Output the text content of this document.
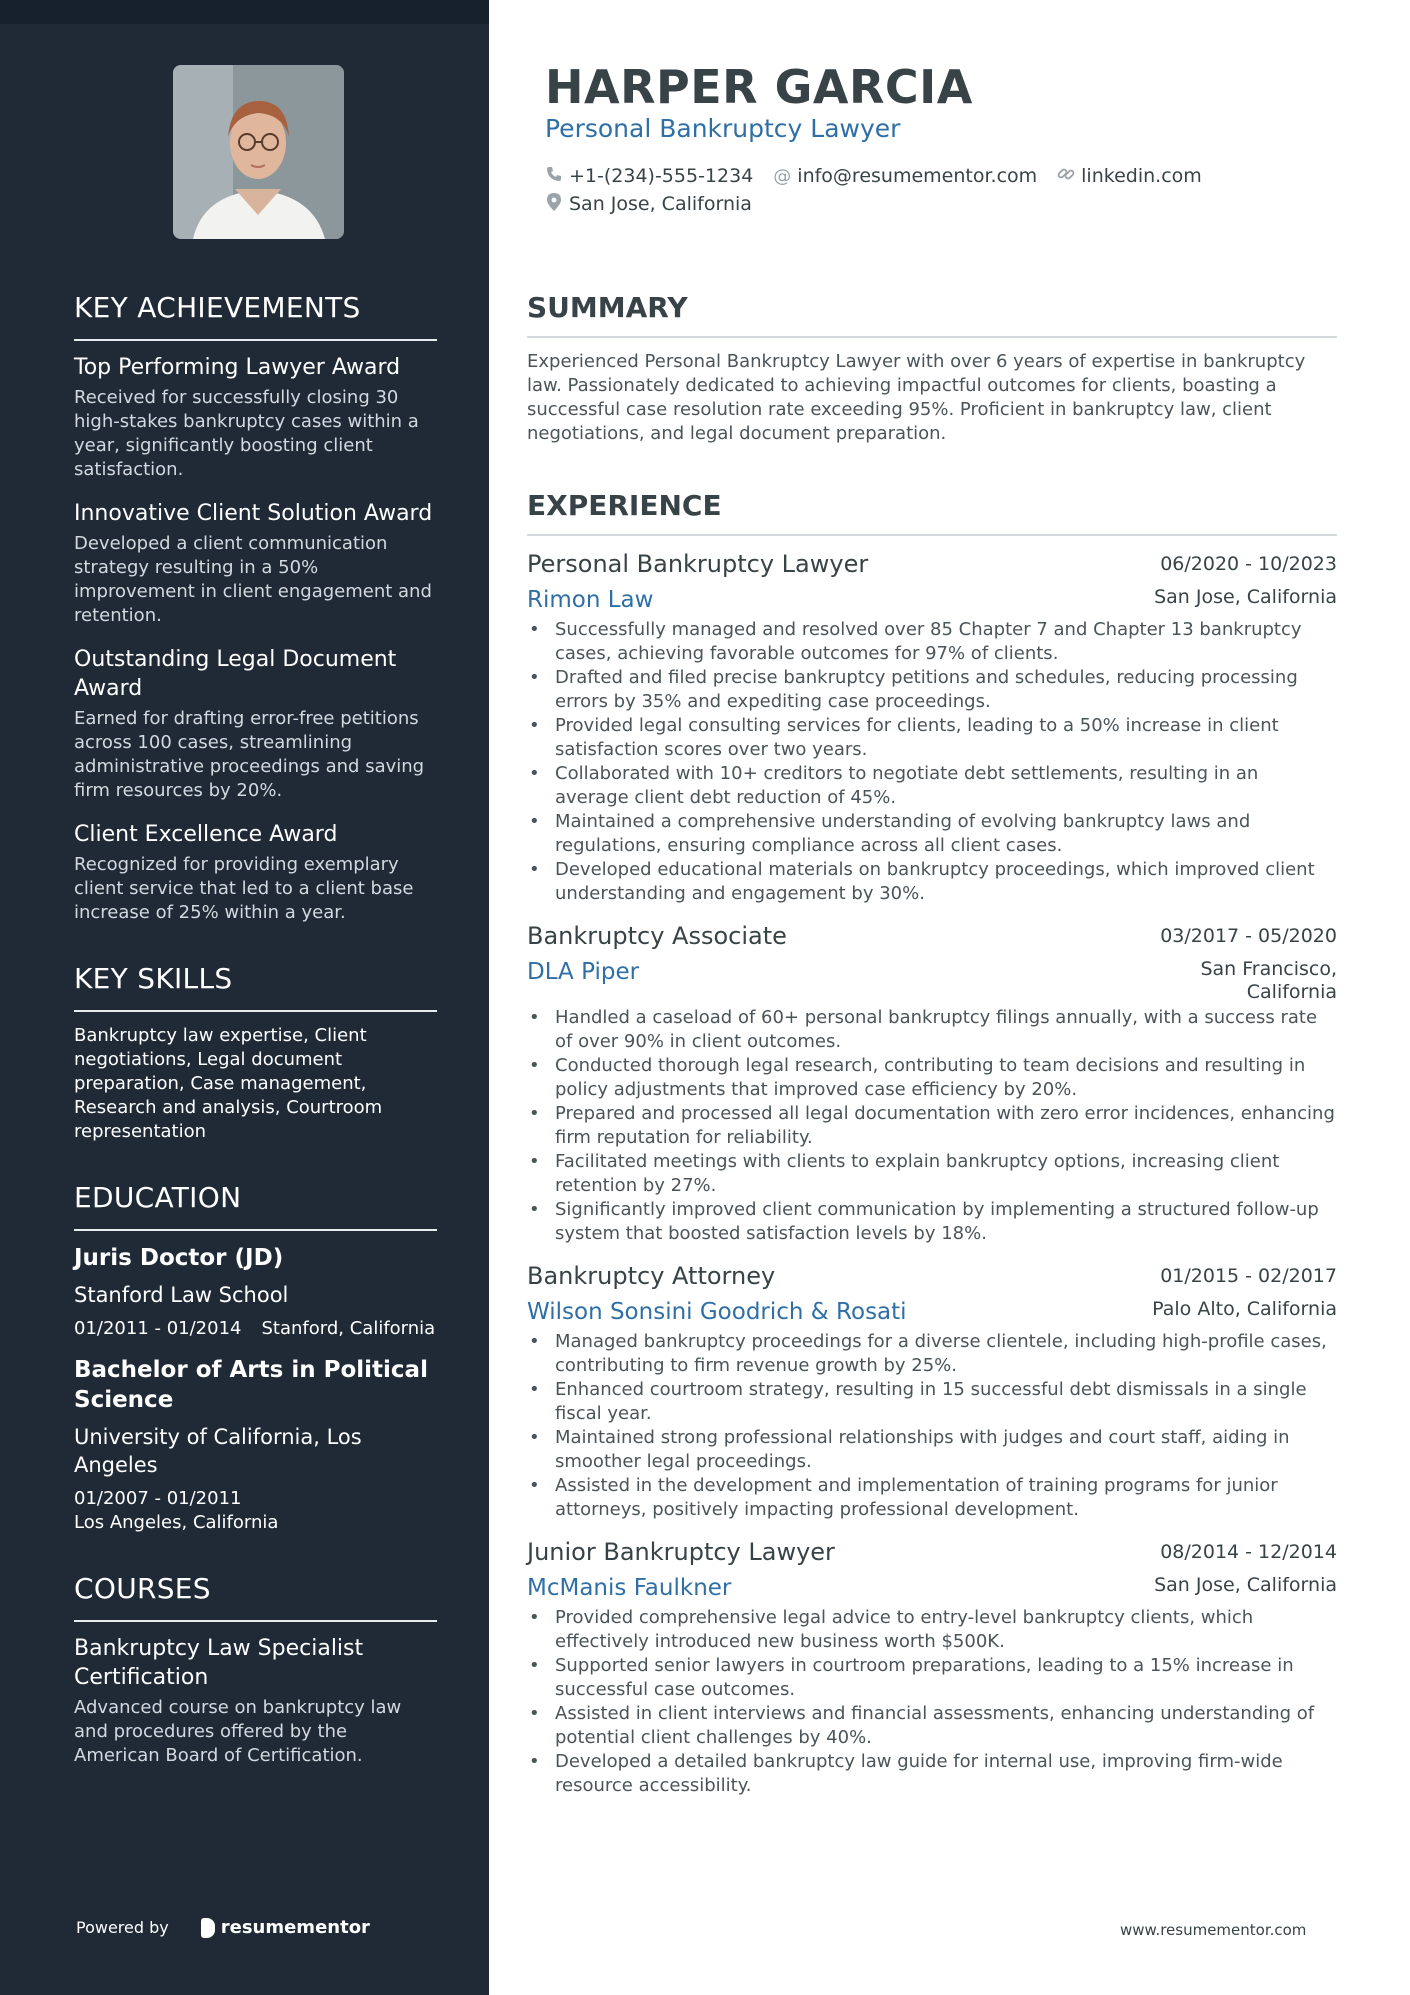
KEY ACHIEVEMENTS
Top Performing Lawyer Award
Received for successfully closing 30 high-stakes bankruptcy cases within a year, significantly boosting client satisfaction.
Innovative Client Solution Award
Developed a client communication strategy resulting in a 50% improvement in client engagement and retention.
Outstanding Legal Document Award
Earned for drafting error-free petitions across 100 cases, streamlining administrative proceedings and saving firm resources by 20%.
Client Excellence Award
Recognized for providing exemplary client service that led to a client base increase of 25% within a year.
KEY SKILLS
Bankruptcy law expertise, Client negotiations, Legal document preparation, Case management, Research and analysis, Courtroom representation
EDUCATION
Juris Doctor (JD)
Stanford Law School
01/2011 - 01/2014 Stanford, California
Bachelor of Arts in Political Science
University of California, Los Angeles
01/2007 - 01/2011
Los Angeles, California
COURSES
Bankruptcy Law Specialist Certification
Advanced course on bankruptcy law and procedures offered by the American Board of Certification.
Powered by	resumementor
HARPER GARCIA
Personal Bankruptcy Lawyer
+1-(234)-555-1234 @ info@resumementor.com linkedin.com
San Jose, California
SUMMARY

Experienced Personal Bankruptcy Lawyer with over 6 years of expertise in bankruptcy law. Passionately dedicated to achieving impactful outcomes for clients, boasting a successful case resolution rate exceeding 95%. Proficient in bankruptcy law, client negotiations, and legal document preparation.

EXPERIENCE
Personal Bankruptcy Lawyer	06/2020 - 10/2023
Rimon Law	San Jose, California
• Successfully managed and resolved over 85 Chapter 7 and Chapter 13 bankruptcy cases, achieving favorable outcomes for 97% of clients.
• Drafted and filed precise bankruptcy petitions and schedules, reducing processing errors by 35% and expediting case proceedings.
• Provided legal consulting services for clients, leading to a 50% increase in client satisfaction scores over two years.
• Collaborated with 10+ creditors to negotiate debt settlements, resulting in an average client debt reduction of 45%.
• Maintained a comprehensive understanding of evolving bankruptcy laws and regulations, ensuring compliance across all client cases.
• Developed educational materials on bankruptcy proceedings, which improved client understanding and engagement by 30%.
Bankruptcy Associate	03/2017 - 05/2020
DLA Piper	San Francisco, California
• Handled a caseload of 60+ personal bankruptcy filings annually, with a success rate of over 90% in client outcomes.
• Conducted thorough legal research, contributing to team decisions and resulting in policy adjustments that improved case efficiency by 20%.
• Prepared and processed all legal documentation with zero error incidences, enhancing firm reputation for reliability.
• Facilitated meetings with clients to explain bankruptcy options, increasing client retention by 27%.
• Significantly improved client communication by implementing a structured follow-up system that boosted satisfaction levels by 18%.
Bankruptcy Attorney	01/2015 - 02/2017
Wilson Sonsini Goodrich & Rosati	Palo Alto, California
• Managed bankruptcy proceedings for a diverse clientele, including high-profile cases, contributing to firm revenue growth by 25%.
• Enhanced courtroom strategy, resulting in 15 successful debt dismissals in a single fiscal year.
• Maintained strong professional relationships with judges and court staff, aiding in smoother legal proceedings.
• Assisted in the development and implementation of training programs for junior attorneys, positively impacting professional development.
Junior Bankruptcy Lawyer	08/2014 - 12/2014
McManis Faulkner	San Jose, California
• Provided comprehensive legal advice to entry-level bankruptcy clients, which effectively introduced new business worth $500K.
• Supported senior lawyers in courtroom preparations, leading to a 15% increase in successful case outcomes.
• Assisted in client interviews and financial assessments, enhancing understanding of potential client challenges by 40%.
• Developed a detailed bankruptcy law guide for internal use, improving firm-wide resource accessibility.
www.resumementor.com
